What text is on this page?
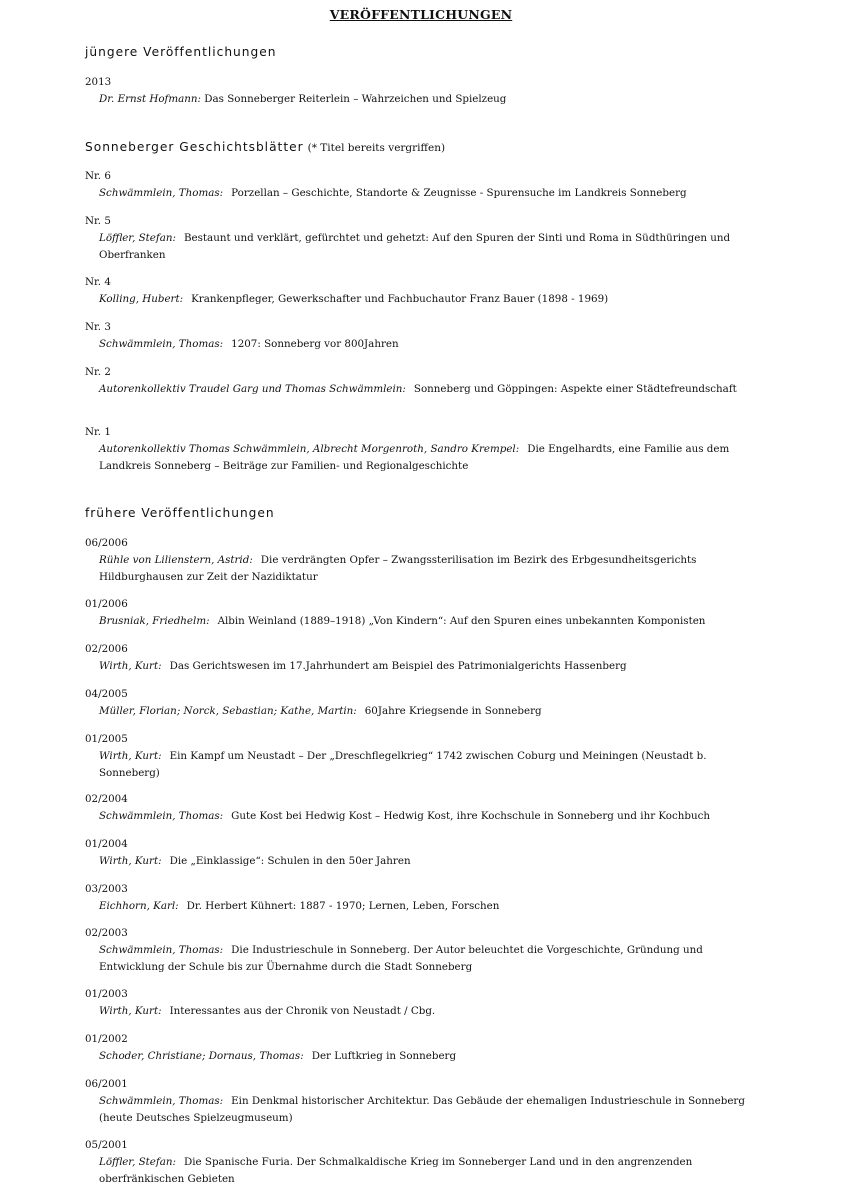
VERÖFFENTLICHUNGEN
jüngere Veröffentlichungen
2013
Dr. Ernst Hofmann: Das Sonneberger Reiterlein – Wahrzeichen und Spielzeug
Sonneberger Geschichtsblätter (* Titel bereits vergriffen)
Nr. 6
Schwämmlein, Thomas: Porzellan – Geschichte, Standorte & Zeugnisse - Spurensuche im Landkreis Sonneberg
Nr. 5
Löffler, Stefan: Bestaunt und verklärt, gefürchtet und gehetzt: Auf den Spuren der Sinti und Roma in Südthüringen und Oberfranken
Nr. 4
Kolling, Hubert: Krankenpfleger, Gewerkschafter und Fachbuchautor Franz Bauer (1898 - 1969)
Nr. 3
Schwämmlein, Thomas: 1207: Sonneberg vor 800Jahren
Nr. 2
Autorenkollektiv Traudel Garg und Thomas Schwämmlein: Sonneberg und Göppingen: Aspekte einer Städtefreundschaft
Nr. 1
Autorenkollektiv Thomas Schwämmlein, Albrecht Morgenroth, Sandro Krempel: Die Engelhardts, eine Familie aus dem Landkreis Sonneberg – Beiträge zur Familien- und Regionalgeschichte
frühere Veröffentlichungen
06/2006
Rühle von Lilienstern, Astrid: Die verdrängten Opfer – Zwangssterilisation im Bezirk des Erbgesundheitsgerichts Hildburghausen zur Zeit der Nazidiktatur
01/2006
Brusniak, Friedhelm: Albin Weinland (1889–1918) „Von Kindern“: Auf den Spuren eines unbekannten Komponisten
02/2006
Wirth, Kurt: Das Gerichtswesen im 17.Jahrhundert am Beispiel des Patrimonialgerichts Hassenberg
04/2005
Müller, Florian; Norck, Sebastian; Kathe, Martin: 60Jahre Kriegsende in Sonneberg
01/2005
Wirth, Kurt: Ein Kampf um Neustadt – Der „Dreschflegelkrieg“ 1742 zwischen Coburg und Meiningen (Neustadt b. Sonneberg)
02/2004
Schwämmlein, Thomas: Gute Kost bei Hedwig Kost – Hedwig Kost, ihre Kochschule in Sonneberg und ihr Kochbuch
01/2004
Wirth, Kurt: Die „Einklassige“: Schulen in den 50er Jahren
03/2003
Eichhorn, Karl: Dr. Herbert Kühnert: 1887 - 1970; Lernen, Leben, Forschen
02/2003
Schwämmlein, Thomas: Die Industrieschule in Sonneberg. Der Autor beleuchtet die Vorgeschichte, Gründung und Entwicklung der Schule bis zur Übernahme durch die Stadt Sonneberg
01/2003
Wirth, Kurt: Interessantes aus der Chronik von Neustadt / Cbg.
01/2002
Schoder, Christiane; Dornaus, Thomas: Der Luftkrieg in Sonneberg
06/2001
Schwämmlein, Thomas: Ein Denkmal historischer Architektur. Das Gebäude der ehemaligen Industrieschule in Sonneberg (heute Deutsches Spielzeugmuseum)
05/2001
Löffler, Stefan: Die Spanische Furia. Der Schmalkaldische Krieg im Sonneberger Land und in den angrenzenden oberfränkischen Gebieten
